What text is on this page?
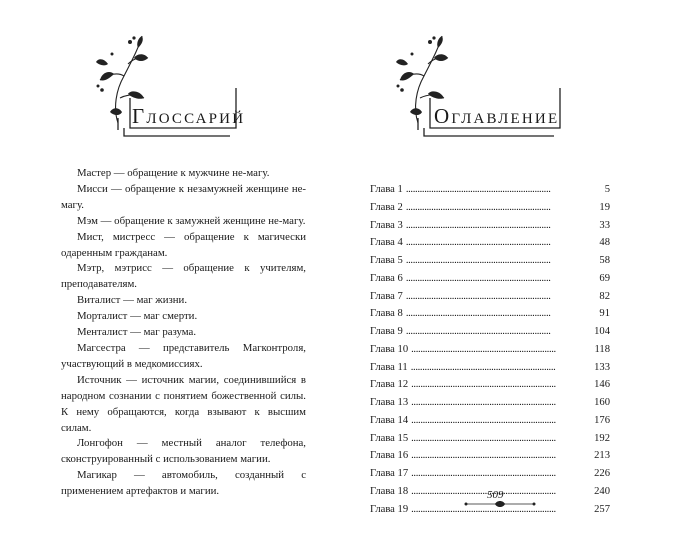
Глоссарий

Мастер — обращение к мужчине не-магу.

Мисси — обращение к незамужней женщине не-магу.

Мэм — обращение к замужней женщине не-магу.

Мист, мистресс — обращение к магически одаренным гражданам.

Мэтр, мэтрисс — обращение к учителям, преподавателям.

Виталист — маг жизни.

Морталист — маг смерти.

Менталист — маг разума.

Магсестра — представитель Магконтроля, участвующий в медкомиссиях.

Источник — источник магии, соединившийся в народном сознании с понятием божественной силы. К нему обращаются, когда взывают к высшим силам.

Лонгофон — местный аналог телефона, сконструированный с использованием магии.

Магикар — автомобиль, созданный с применением артефактов и магии.

Оглавление
Глава 1 . . .	5
Глава 2 . . .	19
Глава 3 . . .	33
Глава 4 . . .	48
Глава 5 . . .	58
Глава 6 . . .	69
Глава 7 . . .	82
Глава 8 . . .	91
Глава 9 . . .	104
Глава 10 . . .	118
Глава 11 . . .	133
Глава 12 . . .	146
Глава 13 . . .	160
Глава 14 . . .	176
Глава 15 . . .	192
Глава 16 . . .	213
Глава 17 . . .	226
Глава 18 . . .	240
Глава 19 . . .	257
509
